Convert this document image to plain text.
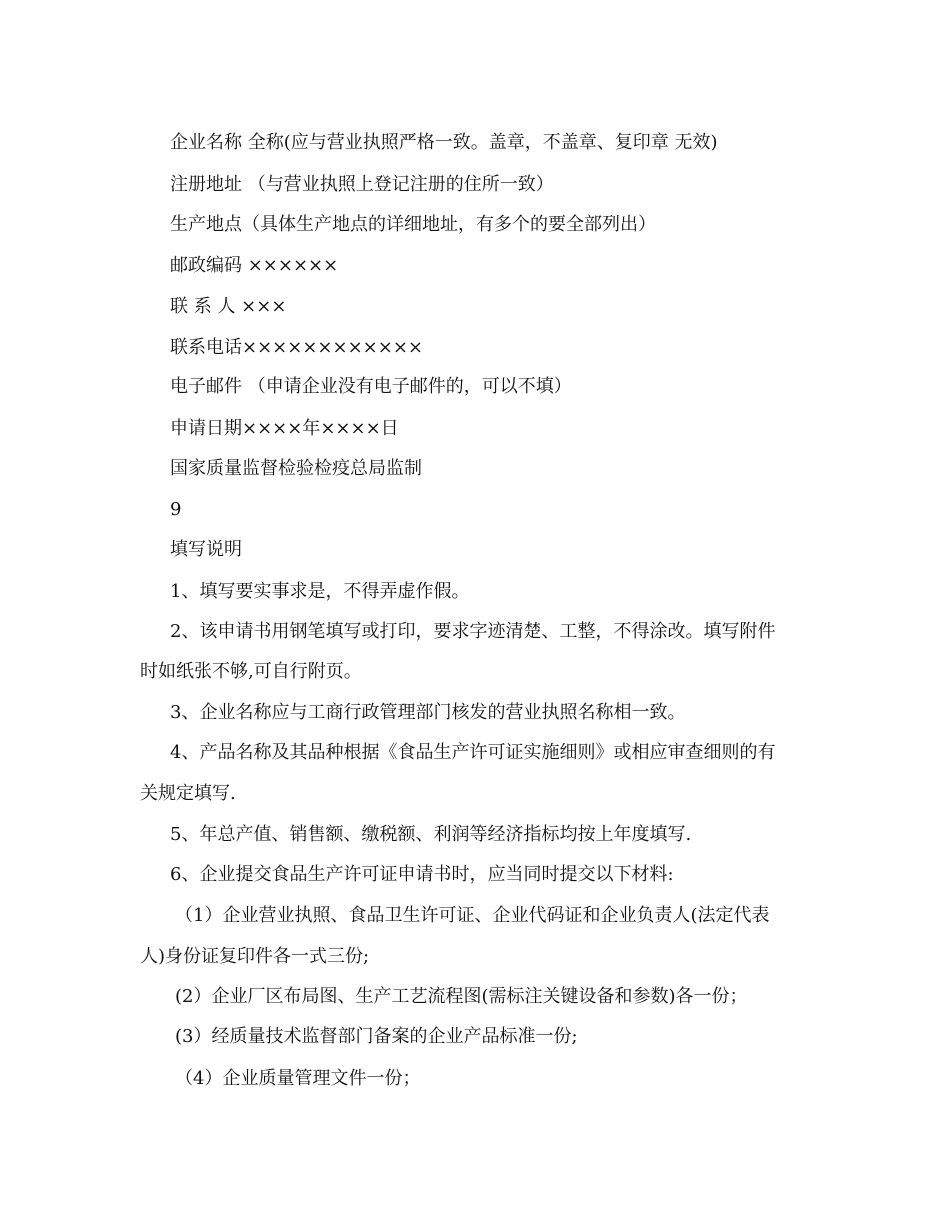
企业名称 全称(应与营业执照严格一致。盖章，不盖章、复印章 无效)
注册地址 （与营业执照上登记注册的住所一致）
生产地点（具体生产地点的详细地址，有多个的要全部列出）
邮政编码 ××××××
联 系 人 ×××
联系电话××××××××××××
电子邮件 （申请企业没有电子邮件的，可以不填）
申请日期××××年××××日
国家质量监督检验检疫总局监制
9
填写说明
1、填写要实事求是，不得弄虚作假。
2、该申请书用钢笔填写或打印，要求字迹清楚、工整，不得涂改。填写附件
时如纸张不够,可自行附页。
3、企业名称应与工商行政管理部门核发的营业执照名称相一致。
4、产品名称及其品种根据《食品生产许可证实施细则》或相应审查细则的有
关规定填写.
5、年总产值、销售额、缴税额、利润等经济指标均按上年度填写.
6、企业提交食品生产许可证申请书时，应当同时提交以下材料:
（1）企业营业执照、食品卫生许可证、企业代码证和企业负责人(法定代表
人)身份证复印件各一式三份;
(2）企业厂区布局图、生产工艺流程图(需标注关键设备和参数)各一份；
(3）经质量技术监督部门备案的企业产品标准一份;
（4）企业质量管理文件一份；
